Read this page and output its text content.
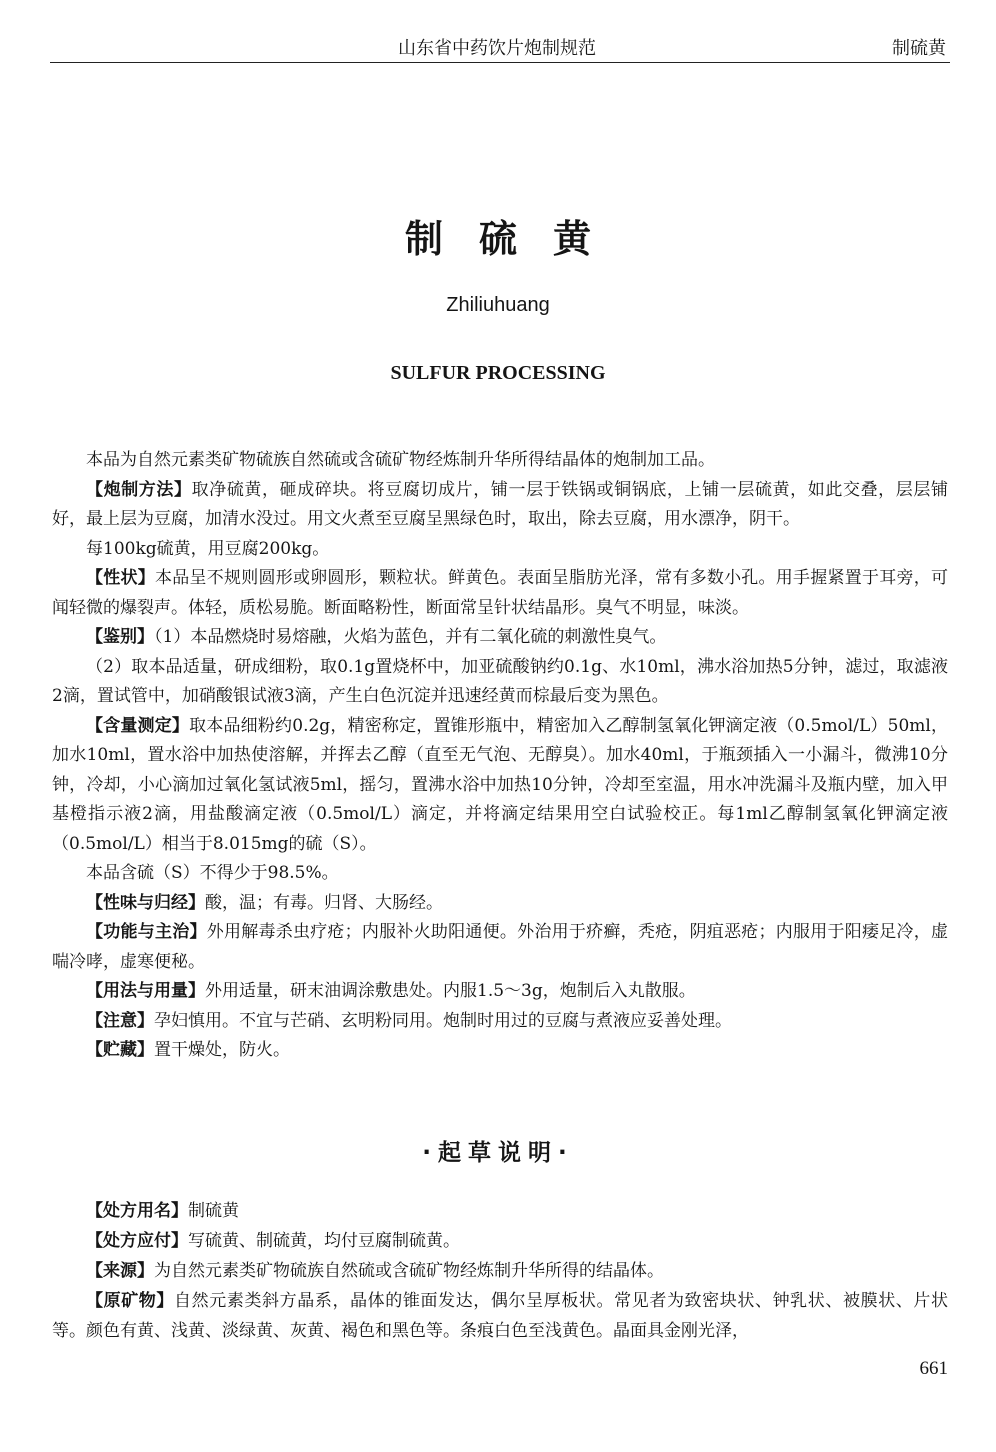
山东省中药饮片炮制规范	制硫黄
制硫黄
Zhiliuhuang
SULFUR PROCESSING

本品为自然元素类矿物硫族自然硫或含硫矿物经炼制升华所得结晶体的炮制加工品。

【炮制方法】取净硫黄，砸成碎块。将豆腐切成片，铺一层于铁锅或铜锅底，上铺一层硫黄，如此交叠，层层铺好，最上层为豆腐，加清水没过。用文火煮至豆腐呈黑绿色时，取出，除去豆腐，用水漂净，阴干。

每100kg硫黄，用豆腐200kg。

【性状】本品呈不规则圆形或卵圆形，颗粒状。鲜黄色。表面呈脂肪光泽，常有多数小孔。用手握紧置于耳旁，可闻轻微的爆裂声。体轻，质松易脆。断面略粉性，断面常呈针状结晶形。臭气不明显，味淡。

【鉴别】（1）本品燃烧时易熔融，火焰为蓝色，并有二氧化硫的刺激性臭气。

（2）取本品适量，研成细粉，取0.1g置烧杯中，加亚硫酸钠约0.1g、水10ml，沸水浴加热5分钟，滤过，取滤液2滴，置试管中，加硝酸银试液3滴，产生白色沉淀并迅速经黄而棕最后变为黑色。

【含量测定】取本品细粉约0.2g，精密称定，置锥形瓶中，精密加入乙醇制氢氧化钾滴定液（0.5mol/L）50ml，加水10ml，置水浴中加热使溶解，并挥去乙醇（直至无气泡、无醇臭）。加水40ml，于瓶颈插入一小漏斗，微沸10分钟，冷却，小心滴加过氧化氢试液5ml，摇匀，置沸水浴中加热10分钟，冷却至室温，用水冲洗漏斗及瓶内壁，加入甲基橙指示液2滴，用盐酸滴定液（0.5mol/L）滴定，并将滴定结果用空白试验校正。每1ml乙醇制氢氧化钾滴定液（0.5mol/L）相当于8.015mg的硫（S）。

本品含硫（S）不得少于98.5%。

【性味与归经】酸，温；有毒。归肾、大肠经。

【功能与主治】外用解毒杀虫疗疮；内服补火助阳通便。外治用于疥癣，秃疮，阴疽恶疮；内服用于阳痿足冷，虚喘冷哮，虚寒便秘。

【用法与用量】外用适量，研末油调涂敷患处。内服1.5～3g，炮制后入丸散服。

【注意】孕妇慎用。不宜与芒硝、玄明粉同用。炮制时用过的豆腐与煮液应妥善处理。

【贮藏】置干燥处，防火。

·起草说明·

【处方用名】制硫黄

【处方应付】写硫黄、制硫黄，均付豆腐制硫黄。

【来源】为自然元素类矿物硫族自然硫或含硫矿物经炼制升华所得的结晶体。

【原矿物】自然元素类斜方晶系，晶体的锥面发达，偶尔呈厚板状。常见者为致密块状、钟乳状、被膜状、片状等。颜色有黄、浅黄、淡绿黄、灰黄、褐色和黑色等。条痕白色至浅黄色。晶面具金刚光泽，

661
